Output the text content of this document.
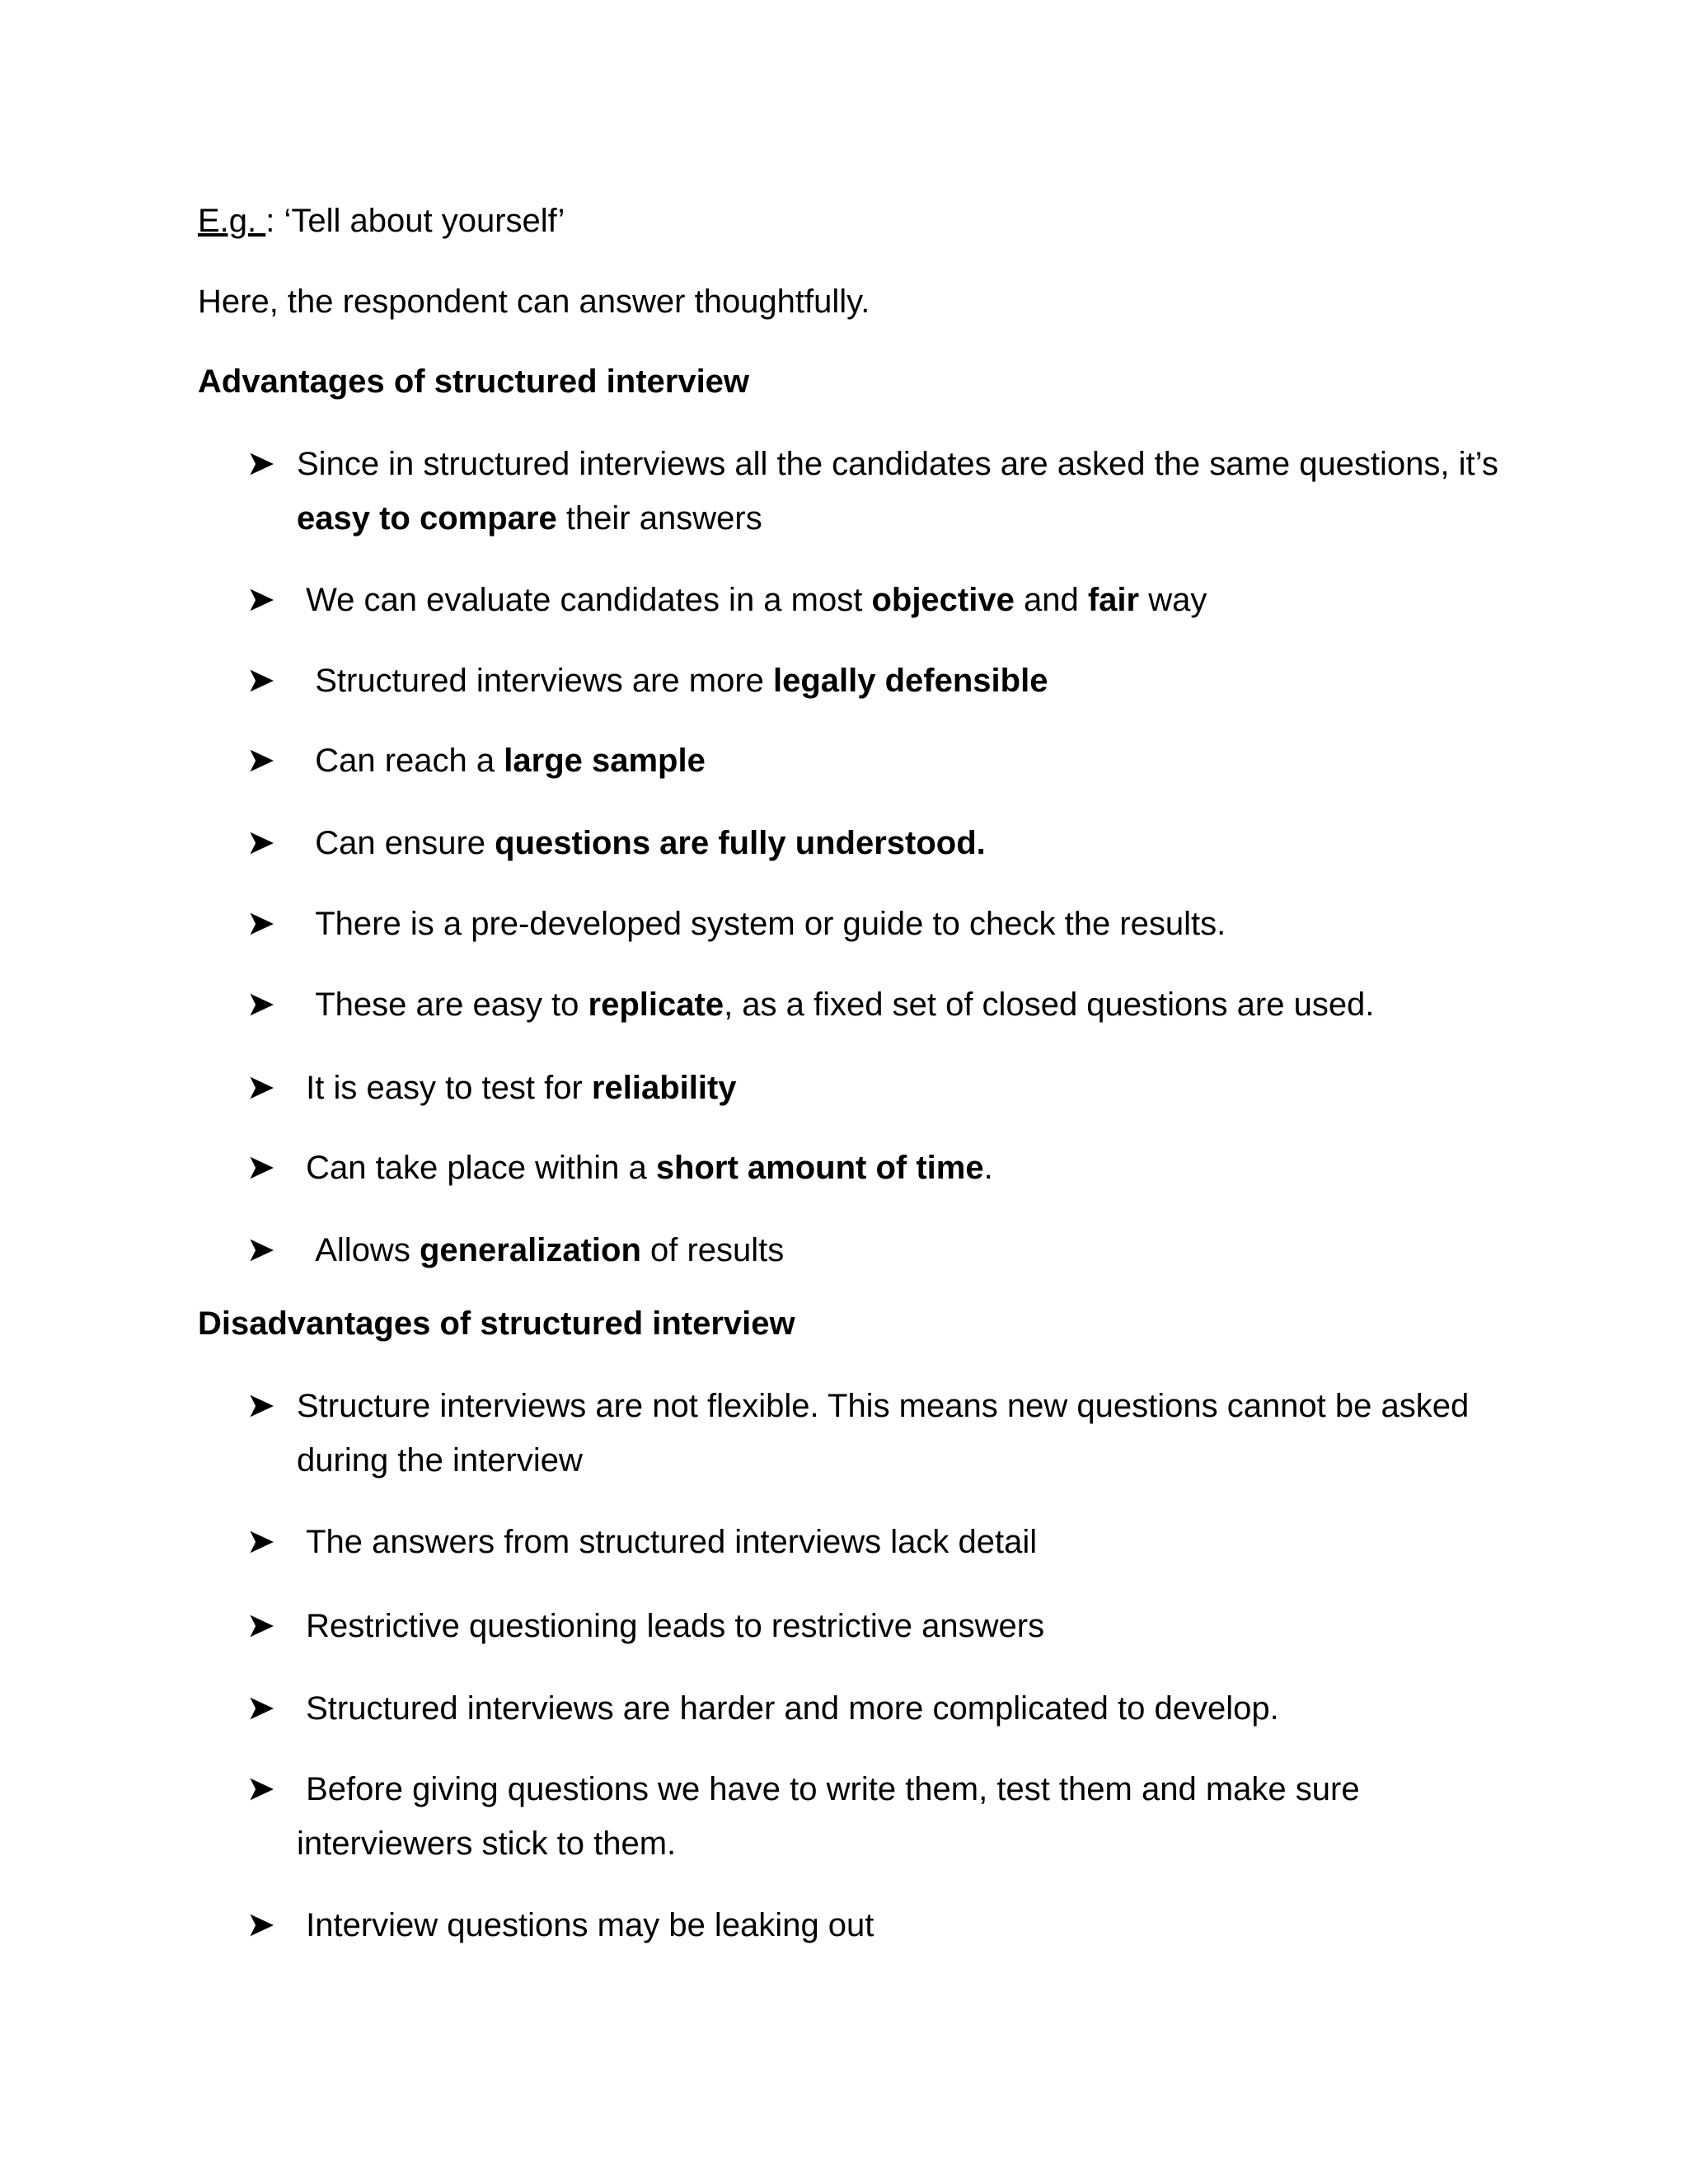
E.g. : ‘Tell about yourself’
Here, the respondent can answer thoughtfully.
Advantages of structured interview
Since in structured interviews all the candidates are asked the same questions, it’s easy to compare their answers
We can evaluate candidates in a most objective and fair way
Structured interviews are more legally defensible
Can reach a large sample
Can ensure questions are fully understood.
There is a pre-developed system or guide to check the results.
These are easy to replicate, as a fixed set of closed questions are used.
It is easy to test for reliability
Can take place within a short amount of time.
Allows generalization of results
Disadvantages of structured interview
Structure interviews are not flexible. This means new questions cannot be asked during the interview
The answers from structured interviews lack detail
Restrictive questioning leads to restrictive answers
Structured interviews are harder and more complicated to develop.
Before giving questions we have to write them, test them and make sure interviewers stick to them.
Interview questions may be leaking out
